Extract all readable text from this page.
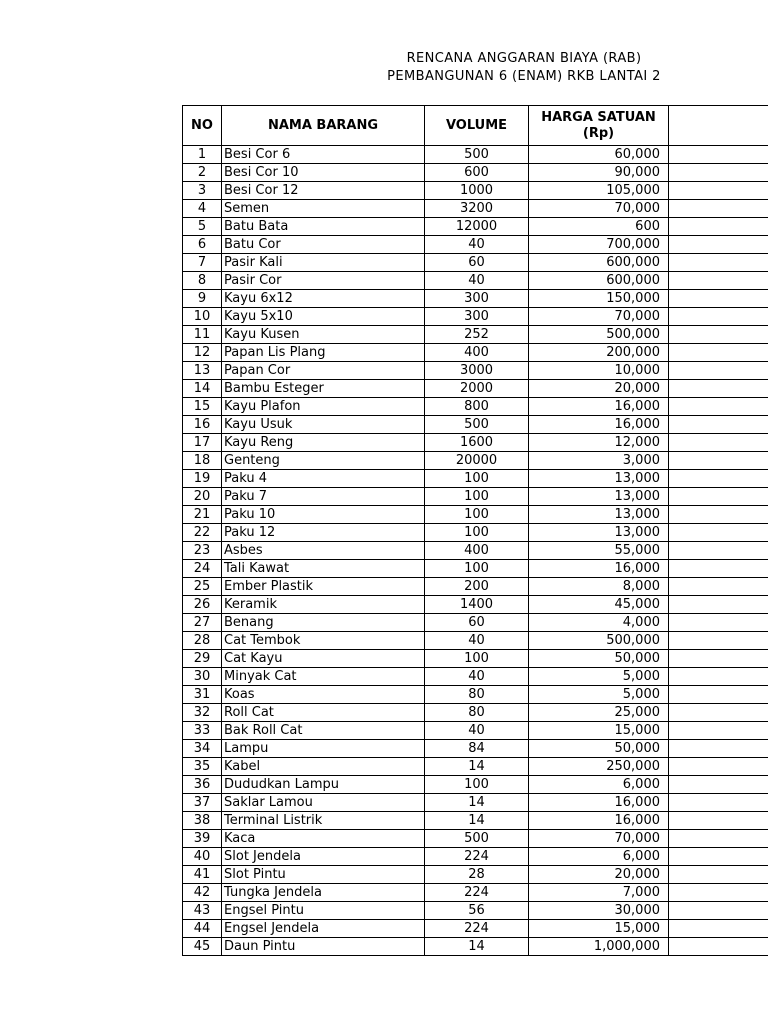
RENCANA ANGGARAN BIAYA (RAB)
PEMBANGUNAN 6 (ENAM) RKB LANTAI 2
NO	NAMA BARANG	VOLUME	HARGA SATUAN
(Rp)	
1	Besi Cor 6	500	60,000	
2	Besi Cor 10	600	90,000	
3	Besi Cor 12	1000	105,000	
4	Semen	3200	70,000	
5	Batu Bata	12000	600	
6	Batu Cor	40	700,000	
7	Pasir Kali	60	600,000	
8	Pasir Cor	40	600,000	
9	Kayu 6x12	300	150,000	
10	Kayu 5x10	300	70,000	
11	Kayu Kusen	252	500,000	
12	Papan Lis Plang	400	200,000	
13	Papan Cor	3000	10,000	
14	Bambu Esteger	2000	20,000	
15	Kayu Plafon	800	16,000	
16	Kayu Usuk	500	16,000	
17	Kayu Reng	1600	12,000	
18	Genteng	20000	3,000	
19	Paku 4	100	13,000	
20	Paku 7	100	13,000	
21	Paku 10	100	13,000	
22	Paku 12	100	13,000	
23	Asbes	400	55,000	
24	Tali Kawat	100	16,000	
25	Ember Plastik	200	8,000	
26	Keramik	1400	45,000	
27	Benang	60	4,000	
28	Cat Tembok	40	500,000	
29	Cat Kayu	100	50,000	
30	Minyak Cat	40	5,000	
31	Koas	80	5,000	
32	Roll Cat	80	25,000	
33	Bak Roll Cat	40	15,000	
34	Lampu	84	50,000	
35	Kabel	14	250,000	
36	Dududkan Lampu	100	6,000	
37	Saklar Lamou	14	16,000	
38	Terminal Listrik	14	16,000	
39	Kaca	500	70,000	
40	Slot Jendela	224	6,000	
41	Slot Pintu	28	20,000	
42	Tungka Jendela	224	7,000	
43	Engsel Pintu	56	30,000	
44	Engsel Jendela	224	15,000	
45	Daun Pintu	14	1,000,000	
